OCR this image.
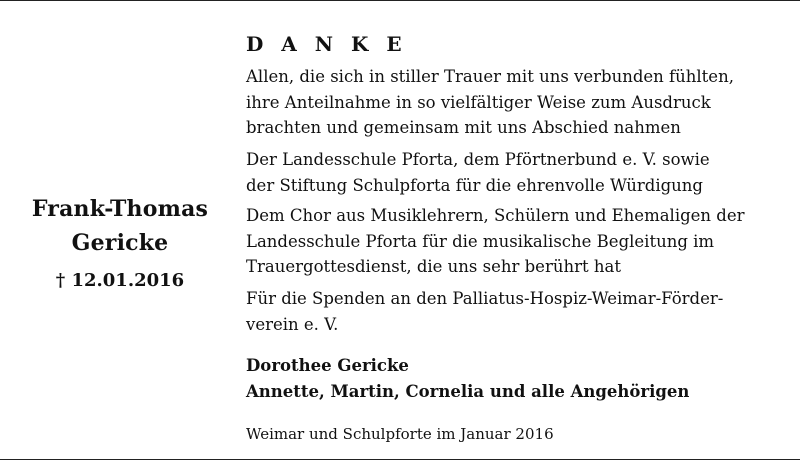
Frank-Thomas
Gericke
† 12.01.2016
D A N K E

Allen, die sich in stiller Trauer mit uns verbunden fühlten,
ihre Anteilnahme in so vielfältiger Weise zum Ausdruck
brachten und gemeinsam mit uns Abschied nahmen

Der Landesschule Pforta, dem Pförtnerbund e. V. sowie
der Stiftung Schulpforta für die ehrenvolle Würdigung

Dem Chor aus Musiklehrern, Schülern und Ehemaligen der
Landesschule Pforta für die musikalische Begleitung im
Trauergottesdienst, die uns sehr berührt hat

Für die Spenden an den Palliatus-Hospiz-Weimar-Förder-
verein e. V.

Dorothee Gericke
Annette, Martin, Cornelia und alle Angehörigen
Weimar und Schulpforte im Januar 2016
